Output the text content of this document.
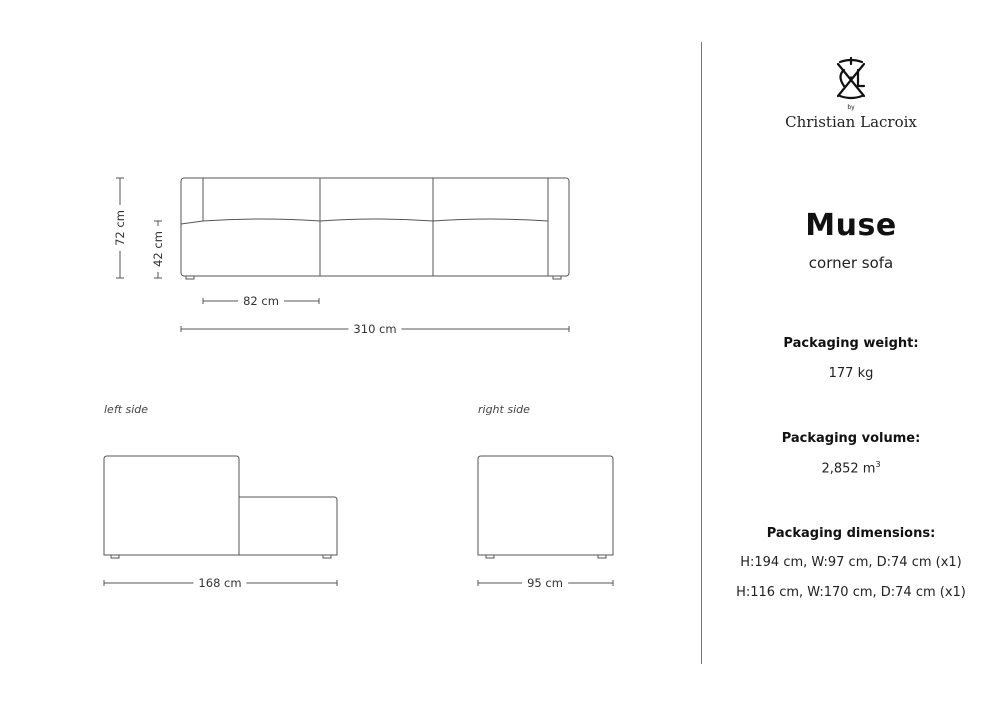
72 cm
42 cm
82 cm
310 cm
left side	right side
168 cm	95 cm
by
Christian Lacroix
Muse
corner sofa
Packaging weight:
177 kg
Packaging volume:
2,852 $m^3$
Packaging dimensions:
H:194 cm, W:97 cm, D:74 cm (x1)
H:116 cm, W:170 cm, D:74 cm (x1)
